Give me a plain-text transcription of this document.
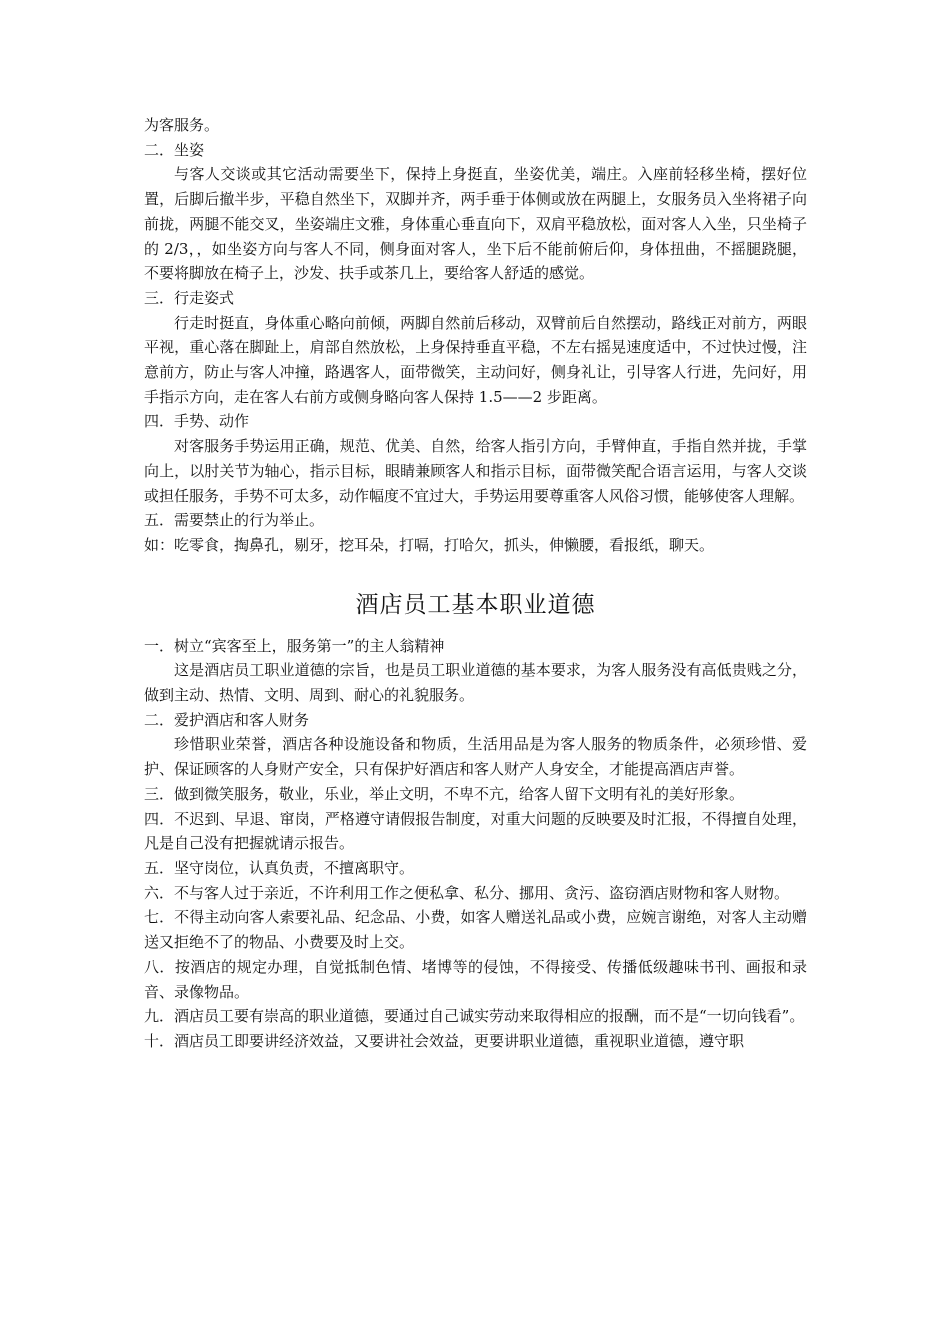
为客服务。

二．坐姿

与客人交谈或其它活动需要坐下，保持上身挺直，坐姿优美，端庄。入座前轻移坐椅，摆好位置，后脚后撤半步，平稳自然坐下，双脚并齐，两手垂于体侧或放在两腿上，女服务员入坐将裙子向前拢，两腿不能交叉，坐姿端庄文雅，身体重心垂直向下，双肩平稳放松，面对客人入坐，只坐椅子的 2/3，，如坐姿方向与客人不同，侧身面对客人，坐下后不能前俯后仰，身体扭曲，不摇腿跷腿，不要将脚放在椅子上，沙发、扶手或茶几上，要给客人舒适的感觉。

三．行走姿式

行走时挺直，身体重心略向前倾，两脚自然前后移动，双臂前后自然摆动，路线正对前方，两眼平视，重心落在脚趾上，肩部自然放松，上身保持垂直平稳，不左右摇晃速度适中，不过快过慢，注意前方，防止与客人冲撞，路遇客人，面带微笑，主动问好，侧身礼让，引导客人行进，先问好，用手指示方向，走在客人右前方或侧身略向客人保持 1.5——2 步距离。

四．手势、动作

对客服务手势运用正确，规范、优美、自然，给客人指引方向，手臂伸直，手指自然并拢，手掌向上，以肘关节为轴心，指示目标，眼睛兼顾客人和指示目标，面带微笑配合语言运用，与客人交谈或担任服务，手势不可太多，动作幅度不宜过大，手势运用要尊重客人风俗习惯，能够使客人理解。

五．需要禁止的行为举止。

如：吃零食，掏鼻孔，剔牙，挖耳朵，打嗝，打哈欠，抓头，伸懒腰，看报纸，聊天。

酒店员工基本职业道德

一．树立“宾客至上，服务第一”的主人翁精神

这是酒店员工职业道德的宗旨，也是员工职业道德的基本要求，为客人服务没有高低贵贱之分，做到主动、热情、文明、周到、耐心的礼貌服务。

二．爱护酒店和客人财务

珍惜职业荣誉，酒店各种设施设备和物质，生活用品是为客人服务的物质条件，必须珍惜、爱护、保证顾客的人身财产安全，只有保护好酒店和客人财产人身安全，才能提高酒店声誉。

三．做到微笑服务，敬业，乐业，举止文明，不卑不亢，给客人留下文明有礼的美好形象。

四．不迟到、早退、窜岗，严格遵守请假报告制度，对重大问题的反映要及时汇报，不得擅自处理，凡是自己没有把握就请示报告。

五．坚守岗位，认真负责，不擅离职守。

六．不与客人过于亲近，不许利用工作之便私拿、私分、挪用、贪污、盗窃酒店财物和客人财物。

七．不得主动向客人索要礼品、纪念品、小费，如客人赠送礼品或小费，应婉言谢绝，对客人主动赠送又拒绝不了的物品、小费要及时上交。

八．按酒店的规定办理，自觉抵制色情、堵博等的侵蚀，不得接受、传播低级趣味书刊、画报和录音、录像物品。

九．酒店员工要有崇高的职业道德，要通过自己诚实劳动来取得相应的报酬，而不是“一切向钱看”。

十．酒店员工即要讲经济效益，又要讲社会效益，更要讲职业道德，重视职业道德，遵守职
